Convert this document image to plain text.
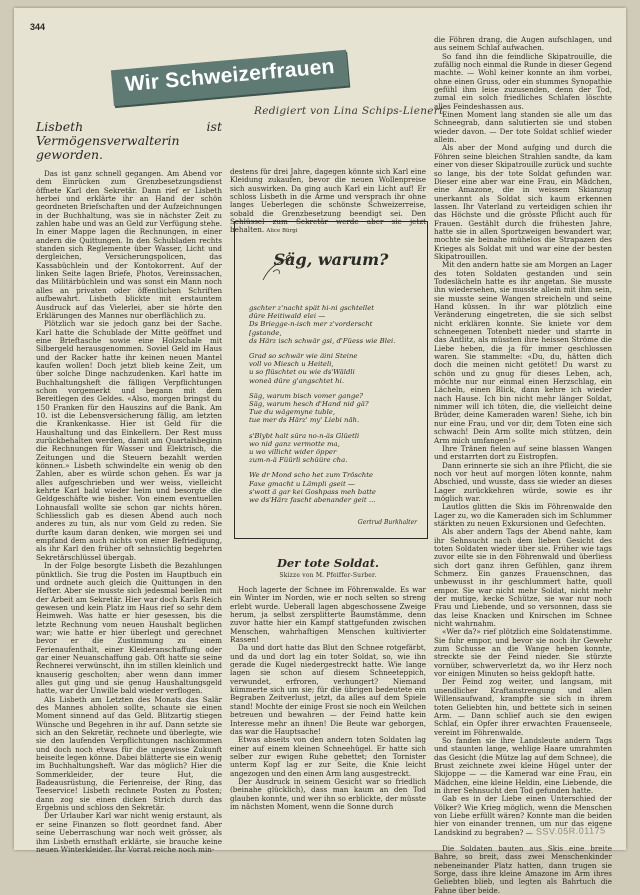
344
Wir Schweizerfrauen
Redigiert von Lina Schips-Lienert
Lisbeth ist Vermögensverwalterin geworden.

Das ist ganz schnell gegangen. Am Abend vor dem Einrücken zum Grenzbesetzungsdienst öffnete Karl den Sekretär. Dann rief er Lisbeth herbei und erklärte ihr an Hand der schön geordneten Briefschaften und der Aufzeichnungen in der Buchhaltung, was sie in nächster Zeit zu zahlen habe und was an Geld zur Verfügung stehe. In einer Mappe lagen die Rechnungen, in einer andern die Quittungen. In den Schubladen rechts standen sich Reglemente über Wasser, Licht und dergleichen, Versicherungspolicen, das Kassabüchlein und der Kontokorrent. Auf der linken Seite lagen Briefe, Photos, Vereinssachen, das Militärbüchlein und was sonst ein Mann noch alles an privaten oder öffentlichen Schriften aufbewahrt. Lisbeth blickte mit erstauntem Ausdruck auf das Vielerlei, aber sie hörte den Erklärungen des Mannes nur oberflächlich zu.

Plötzlich war sie jedoch ganz bei der Sache. Karl hatte die Schublade der Mitte geöffnet und eine Brieftasche sowie eine Holzschale mit Silbergeld herausgenommen. Soviel Geld im Haus und der Racker hatte ihr keinen neuen Mantel kaufen wollen! Doch jetzt blieb keine Zeit, um über solche Dinge nachzudenken. Karl hatte im Buchhaltungsheft die fälligen Verpflichtungen schon vorgemerkt und begann mit dem Bereitlegen des Geldes. «Also, morgen bringst du 150 Franken für den Hauszins auf die Bank. Am 10. ist die Lebensversicherung fällig, am letzten die Krankenkasse. Hier ist Geld für die Haushaltung und das Einkellern. Der Rest muss zurückbehalten werden, damit am Quartalsbeginn die Rechnungen für Wasser und Elektrisch, die Zeitungen und die Steuern bezahlt werden können.» Lisbeth schwindelte ein wenig ob den Zahlen, aber es würde schon gehen. Es war ja alles aufgeschrieben und wer weiss, vielleicht kehrte Karl bald wieder heim und besorgte die Geldgeschäfte wie bisher. Von einem eventuellen Lohnausfall wollte sie schon gar nichts hören. Schliesslich gab es diesen Abend auch noch anderes zu tun, als nur vom Geld zu reden. Sie durfte kaum daran denken, wie morgen sei und empfand dem auch nichts von einer Befriedigung, als ihr Karl den früher oft sehnsüchtig begehrten Sekretärschlüssel übergab.

In der Folge besorgte Lisbeth die Bezahlungen pünktlich. Sie trug die Posten im Hauptbuch ein und ordnete auch gleich die Quittungen in den Hefter. Aber sie musste sich jedesmal beeilen mit der Arbeit am Sekretär. Hier war doch Karls Reich gewesen und kein Platz im Haus rief so sehr dem Heimweh. Was hatte er hier gesessen, bis die letzte Rechnung vom neuen Haushalt beglichen war; wie hatte er hier überlegt und gerechnet bevor er die Zustimmung zu einem Ferienaufenthalt, einer Kleideranschaffung oder gar einer Neuanschaffung gab. Oft hatte sie seine Rechnerei verwünscht, ihn im stillen kleinlich und knauserig gescholten; aber wenn dann immer alles gut ging und sie genug Haushaltungsgeld hatte, war der Unwille bald wieder verflogen.

Als Lisbeth am Letzten des Monats das Salär des Mannes abholen sollte, schaute sie einen Moment sinnend auf das Geld. Blitzartig stiegen Wünsche und Begehren in ihr auf. Dann setzte sie sich an den Sekretär, rechnete und überlegte, wie sie den laufenden Verpflichtungen nachkommen und doch noch etwas für die ungewisse Zukunft beiseite legen könne. Dabei blätterte sie ein wenig im Buchhaltungsheft. War das möglich? Hier die Sommerkleider, der teure Hut, die Badeausrüstung, die Ferienreise, der Ring, das Teeservice! Lisbeth rechnete Posten zu Posten; dann zog sie einen dicken Strich durch das Ergebnis und schloss den Sekretär.

Der Urlauber Karl war nicht wenig erstaunt, als er seine Finanzen so flott geordnet fand. Aber seine Ueberraschung war noch weit grösser, als ihm Lisbeth ernsthaft erklärte, sie brauche keine neuen Winterkleider. Ihr Vorrat reiche noch min-

destens für drei Jahre, dagegen könnte sich Karl eine Kleidung zukaufen, bevor die neuen Wollenpreise sich auswirken. Da ging auch Karl ein Licht auf! Er schloss Lisbeth in die Arme und versprach ihr ohne langes Ueberlegen die schönste Schweizerreise, sobald die Grenzbesetzung beendigt sei. Den Schlüssel zum Sekretär werde aber sie jetzt behalten. Alice Bürgi

Säg, warum?
gschter z'nacht spät hi-ni gschtellet
düre Heitiwald elei —
Ds Briegge-n-isch mer z'vorderscht
[gstande,
ds Härz isch schwär gsi, d'Füess wie Blei.
Grad so schwär wie äini Steine
voll vo Miesch u Heiteli,
u so flüschtet ou wie ds'Wäldli
woneä düre g'angschtet hi.
Säg, warum bisch vomer gange?
Säg, warum hesch d'Hand nid gä?
Tue du wägemyne tuble,
tue mer ds Härz' my' Liebi näh.
s'Blybt halt süra no-n-äs Glüetli
wo nid ganz vermotte ma,
u wo villicht wider öpper
zum-n-ä Füürli schüüre cha.
We dr Mond scho het zum Tröschte
Faxe gmacht u Lämpli gseit —
s'wott ä gar kei Goshpass meh batte
we ds'Härz fascht abenander geit ...
Gertrud Burkhalter
Der tote Soldat.
Skizze von M. Pfeiffer-Surber.

Hoch lagerte der Schnee im Föhrenwalde. Es war ein Winter im Norden, wie er noch selten so streng erlebt wurde. Ueberall lagen abgeschossene Zweige herum, ja selbst zersplitterte Baumstämme, denn zuvor hatte hier ein Kampf stattgefunden zwischen Menschen, wahrhaftigen Menschen kultivierter Rassen!

Da und dort hatte das Blut den Schnee rotgefärbt, und da und dort lag ein toter Soldat, so, wie ihn gerade die Kugel niedergestreckt hatte. Wie lange lagen sie schon auf diesem Schneeteppich, verwundet, erfroren, verhungert? Niemand kümmerte sich um sie; für die übrigen bedeutete ein Begraben Zeitverlust, jetzt, da alles auf dem Spiele stand! Mochte der einige Frost sie noch ein Weilchen betreuen und bewahren — der Feind hatte kein Interesse mehr an ihnen! Die Beute war geborgen, das war die Hauptsache!

Etwas abseits von den andern toten Soldaten lag einer auf einem kleinen Schneehügel. Er hatte sich selber zur ewigen Ruhe gebettet; den Tornister unterm Kopf lag er zur Seite, die Knie leicht angezogen und den einen Arm lang ausgestreckt.

Der Ausdruck in seinem Gesicht war so friedlich (beinahe glücklich), dass man kaum an den Tod glauben konnte, und wer ihn so erblickte, der müsste im nächsten Moment, wenn die Sonne durch

die Föhren drang, die Augen aufschlagen, und aus seinem Schlaf aufwachen.

So fand ihn die feindliche Skipatrouille, die zufällig noch einmal die Runde in dieser Gegend machte. — Wohl keiner konnte an ihm vorbei, ohne einen Gruss, oder ein stummes Synopathie gefühl ihm leise zuzusenden, denn der Tod, zumal ein solch friedliches Schlafen löschte alles Feindeshassen aus.

Einen Moment lang standen sie alle um das Schneegrab, dann salutierten sie und stoben wieder davon. — Der tote Soldat schlief wieder allein.

Als aber der Mond aufging und durch die Föhren seine bleichen Strahlen sandte, da kam einer von dieser Skipatrouille zurück und suchte so lange, bis der tote Soldat gefunden war. Dieser eine aber war eine Frau, ein Mädchen, eine Amazone, die in weissem Skianzug unerkannt als Soldat sich kaum erkennen lassen. Ihr Vaterland zu verteidigen schien ihr das Höchste und die grösste Pflicht auch für Frauen. Gestählt durch die frühesten Jahre, hatte sie in allen Sportzweigen bewandert war, mochte sie beinahe mühelos die Strapazen des Krieges als Soldat mit und war eine der besten Skipatrouillen.

Mit den andern hatte sie am Morgen an Lager des toten Soldaten gestanden und sein Todeslächeln hatte es ihr angetan. Sie musste ihn wiedersehen, sie musste allein mit ihm sein, sie musste seine Wangen streicheln und seine Hand küssen. In ihr war plötzlich eine Veränderung eingetreten, die sie sich selbst nicht erklären konnte. Sie kniete vor dem schneegenen Totenbett nieder und starrte in das Antlitz, als müssten ihre heissen Ströme die Liebe heben, die ja für immer geschlossen waren. Sie stammelte: «Du, du, hätten dich doch die meinen nicht getötet! Du warst zu schön und zu gnug für dieses Leben, ach, möchte nur nur einmal einen Herzschlag, ein Lächeln, einen Blick, dann kehre ich wieder nach Hause. Ich bin nicht mehr länger Soldat, nimmer will ich töten, die, die vielleicht deine Brüder, deine Kameraden waren! Siehe, ich bin nur eine Frau, und vor dir, dem Toten eine sich schwach! Dein Arm sollte mich stützen, dein Arm mich umfangen!»

Ihre Tränen fielen auf seine blassen Wangen und erstarrten dort zu Eistropfen.

Dann erinnerte sie sich an ihre Pflicht, die sie noch vor heut auf morgen löten konnte, nahm Abschied, und wusste, dass sie wieder an dieses Lager zurückkehren würde, sowie es ihr möglich war.

Lautlos glitten die Skis im Föhrenwalde den Lager zu, wo die Kameraden sich im Schlummer stärkten zu neuen Exkursionen und Gefechten.

Als aber andern Tags der Abend nahte, kam ihr Sehnsucht nach dem lieben Gesicht des toten Soldaten wieder über sie. Früher wie tags zuvor eilte sie in den Föhrenwald und überliess sich dort ganz ihren Gefühlen, ganz ihrem Schmerz. Ein ganzes Frauenschnen, das unbewusst in ihr geschlummert hatte, quoll empor. Sie war nicht mehr Soldat, nicht mehr der mutige, kecke Schütze, sie war nur noch Frau und Liebende, und so versonnen, dass sie das leise Knacken und Knirschen im Schnee nicht wahrnahm.

«Wer da?» rief plötzlich eine Soldatenstimme. Sie fuhr empor, und bevor sie noch ihr Gewehr zum Schusse an die Wange heben konnte, streckte sie der Feind nieder. Sie stürzte vornüber, schwerverletzt da, wo ihr Herz noch vor einigen Minuten so heiss geklopft hatte.

Der Feind zog weiter, und langsam, mit unendlicher Kraftanstrengung und allen Willensaufwand, krampfte sie sich in ihrem toten Geliebten hin, und bettete sich in seinen Arm. — Dann schlief auch sie den ewigen Schlaf, ein Opfer ihrer erwachten Frauenseele, vereint im Föhrenwalde.

So fanden sie ihre Landsleute andern Tags und staunten lange, wehlige Haare umrahmten das Gesicht (die Mütze lag auf dem Schnee), die Brust zeichnete zwei kleine Hügel unter der Skijoppe — — die Kamerad war eine Frau, ein Mädchen, eine kleine Heldin, eine Liebende, die in ihrer Sehnsucht den Tod gefunden hatte.

Gab es in der Liebe einen Unterschied der Völker? Wie Krieg möglich, wenn die Menschen von Liebe erfüllt wären? Konnte man die beiden hier von einander trennen, um nur das eigene Landskind zu begraben? —

Die Soldaten bauten aus Skis eine breite Bahre, so breit, dass zwei Menschenkinder nebeneinander Platz hatten, dann trugen sie Sorge, dass ihre kleine Amazone im Arm ihres Geliebten blieb, und legten als Bahrtuch die Fahne über beide.

SSV.05R.01175
